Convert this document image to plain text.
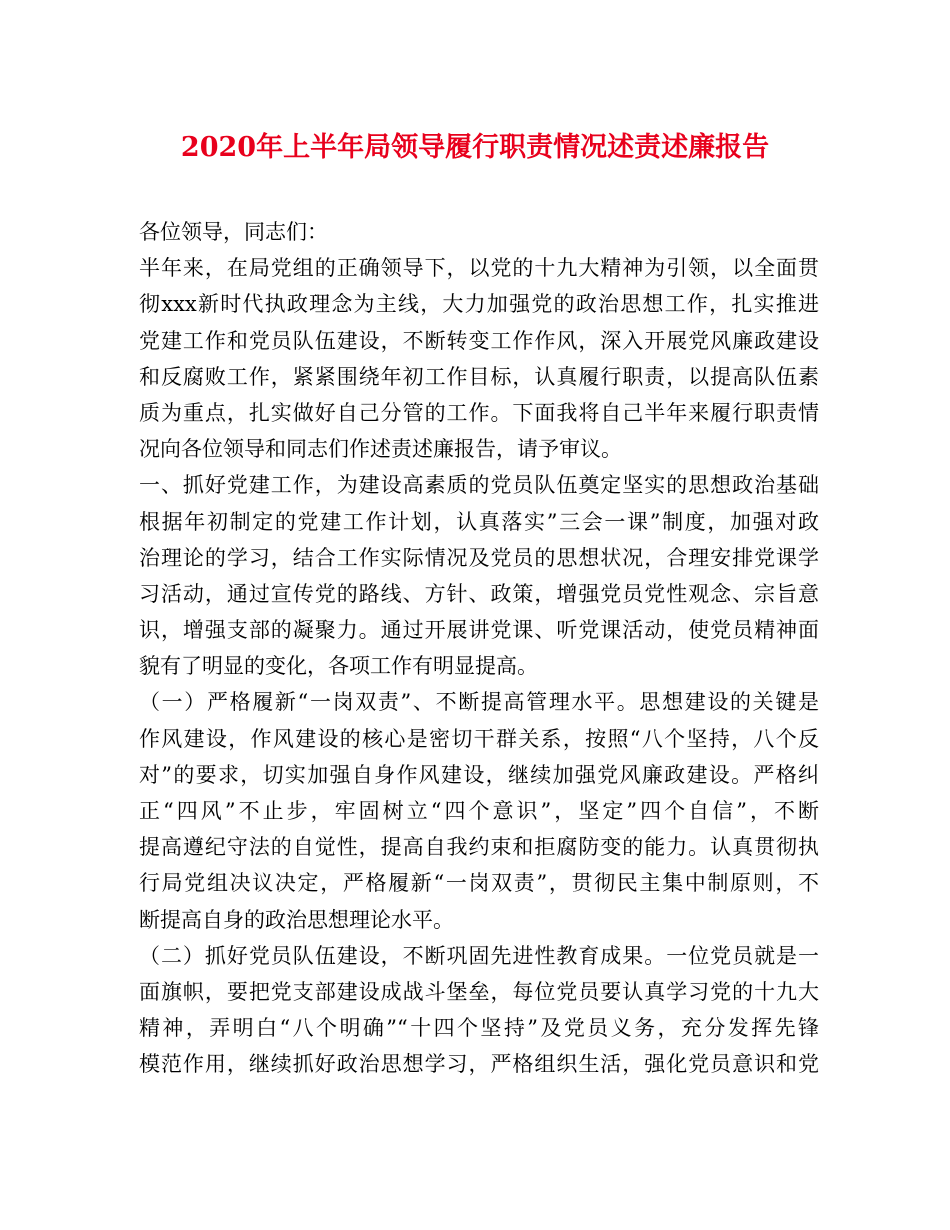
2020年上半年局领导履行职责情况述责述廉报告
各位领导，同志们：
半年来，在局党组的正确领导下，以党的十九大精神为引领，以全面贯
彻xxx新时代执政理念为主线，大力加强党的政治思想工作，扎实推进
党建工作和党员队伍建设，不断转变工作作风，深入开展党风廉政建设
和反腐败工作，紧紧围绕年初工作目标，认真履行职责，以提高队伍素
质为重点，扎实做好自己分管的工作。下面我将自己半年来履行职责情
况向各位领导和同志们作述责述廉报告，请予审议。
一、抓好党建工作，为建设高素质的党员队伍奠定坚实的思想政治基础
根据年初制定的党建工作计划，认真落实”三会一课”制度，加强对政
治理论的学习，结合工作实际情况及党员的思想状况，合理安排党课学
习活动，通过宣传党的路线、方针、政策，增强党员党性观念、宗旨意
识，增强支部的凝聚力。通过开展讲党课、听党课活动，使党员精神面
貌有了明显的变化，各项工作有明显提高。
（一）严格履新“一岗双责”、不断提高管理水平。思想建设的关键是
作风建设，作风建设的核心是密切干群关系，按照“八个坚持，八个反
对”的要求，切实加强自身作风建设，继续加强党风廉政建设。严格纠
正“四风”不止步，牢固树立“四个意识”，坚定”四个自信”，不断
提高遵纪守法的自觉性，提高自我约束和拒腐防变的能力。认真贯彻执
行局党组决议决定，严格履新“一岗双责”，贯彻民主集中制原则，不
断提高自身的政治思想理论水平。
（二）抓好党员队伍建设，不断巩固先进性教育成果。一位党员就是一
面旗帜，要把党支部建设成战斗堡垒，每位党员要认真学习党的十九大
精神，弄明白“八个明确”“十四个坚持”及党员义务，充分发挥先锋
模范作用，继续抓好政治思想学习，严格组织生活，强化党员意识和党
